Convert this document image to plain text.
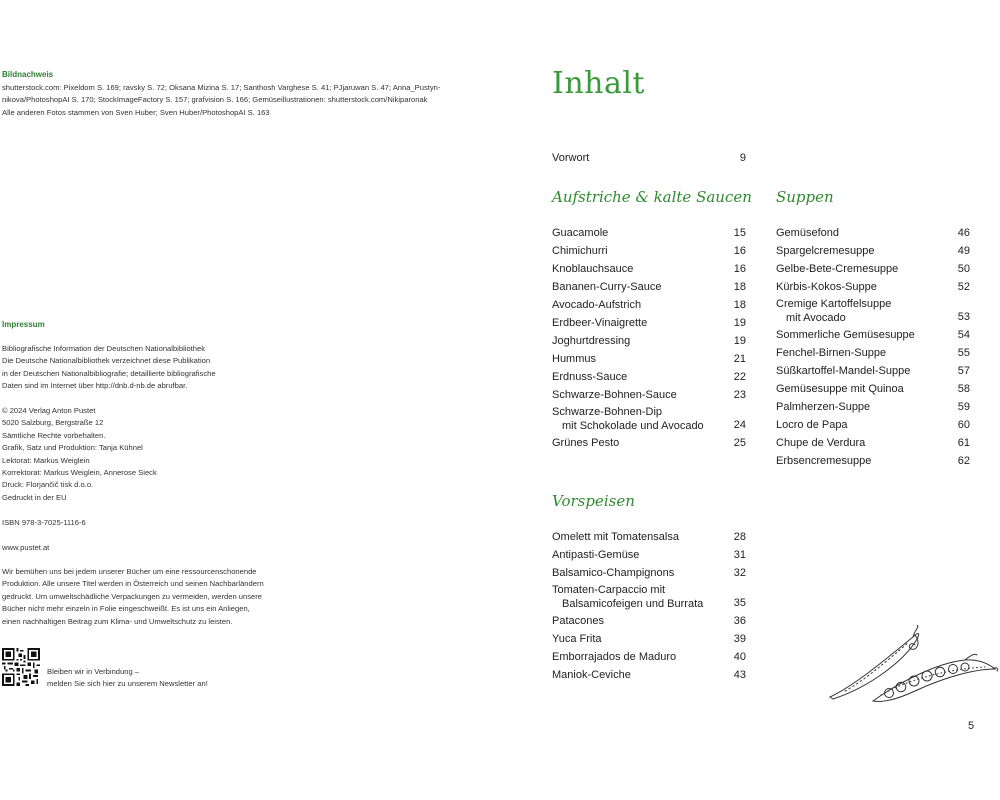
Bildnachweis
shutterstock.com: Pixeldom S. 169; ravsky S. 72; Oksana Mizina S. 17; Santhosh Varghese S. 41; PJjaruwan S. 47; Anna_Pustyn-
nikova/PhotoshopAI S. 170; StockImageFactory S. 157; grafvision S. 166; Gemüseillustrationen: shutterstock.com/Nikiparonak
Alle anderen Fotos stammen von Sven Huber; Sven Huber/PhotoshopAI S. 163
Impressum
Bibliografische Information der Deutschen Nationalbibliothek
Die Deutsche Nationalbibliothek verzeichnet diese Publikation
in der Deutschen Nationalbibliografie; detaillierte bibliografische
Daten sind im Internet über http://dnb.d-nb.de abrufbar.
© 2024 Verlag Anton Pustet
5020 Salzburg, Bergstraße 12
Sämtliche Rechte vorbehalten.
Grafik, Satz und Produktion: Tanja Kühnel
Lektorat: Markus Weiglein
Korrektorat: Markus Weiglein, Annerose Sieck
Druck: Florjančič tisk d.o.o.
Gedruckt in der EU
ISBN 978-3-7025-1116-6
www.pustet.at
Wir bemühen uns bei jedem unserer Bücher um eine ressourcenschonende
Produktion. Alle unsere Titel werden in Österreich und seinen Nachbarländern
gedruckt. Um umweltschädliche Verpackungen zu vermeiden, werden unsere
Bücher nicht mehr einzeln in Folie eingeschweißt. Es ist uns ein Anliegen,
einen nachhaltigen Beitrag zum Klima- und Umweltschutz zu leisten.
Bleiben wir in Verbindung –
melden Sie sich hier zu unserem Newsletter an!
Inhalt
Vorwort	9
Aufstriche & kalte Saucen
Guacamole	15
Chimichurri	16
Knoblauchsauce	16
Bananen-Curry-Sauce	18
Avocado-Aufstrich	18
Erdbeer-Vinaigrette	19
Joghurtdressing	19
Hummus	21
Erdnuss-Sauce	22
Schwarze-Bohnen-Sauce	23
Schwarze-Bohnen-Dip
mit Schokolade und Avocado	24
Grünes Pesto	25
Vorspeisen
Omelett mit Tomatensalsa	28
Antipasti-Gemüse	31
Balsamico-Champignons	32
Tomaten-Carpaccio mit
Balsamicofeigen und Burrata	35
Patacones	36
Yuca Frita	39
Emborrajados de Maduro	40
Maniok-Ceviche	43
Suppen
Gemüsefond	46
Spargelcremesuppe	49
Gelbe-Bete-Cremesuppe	50
Kürbis-Kokos-Suppe	52
Cremige Kartoffelsuppe
mit Avocado	53
Sommerliche Gemüsesuppe	54
Fenchel-Birnen-Suppe	55
Süßkartoffel-Mandel-Suppe	57
Gemüsesuppe mit Quinoa	58
Palmherzen-Suppe	59
Locro de Papa	60
Chupe de Verdura	61
Erbsencremesuppe	62
5
